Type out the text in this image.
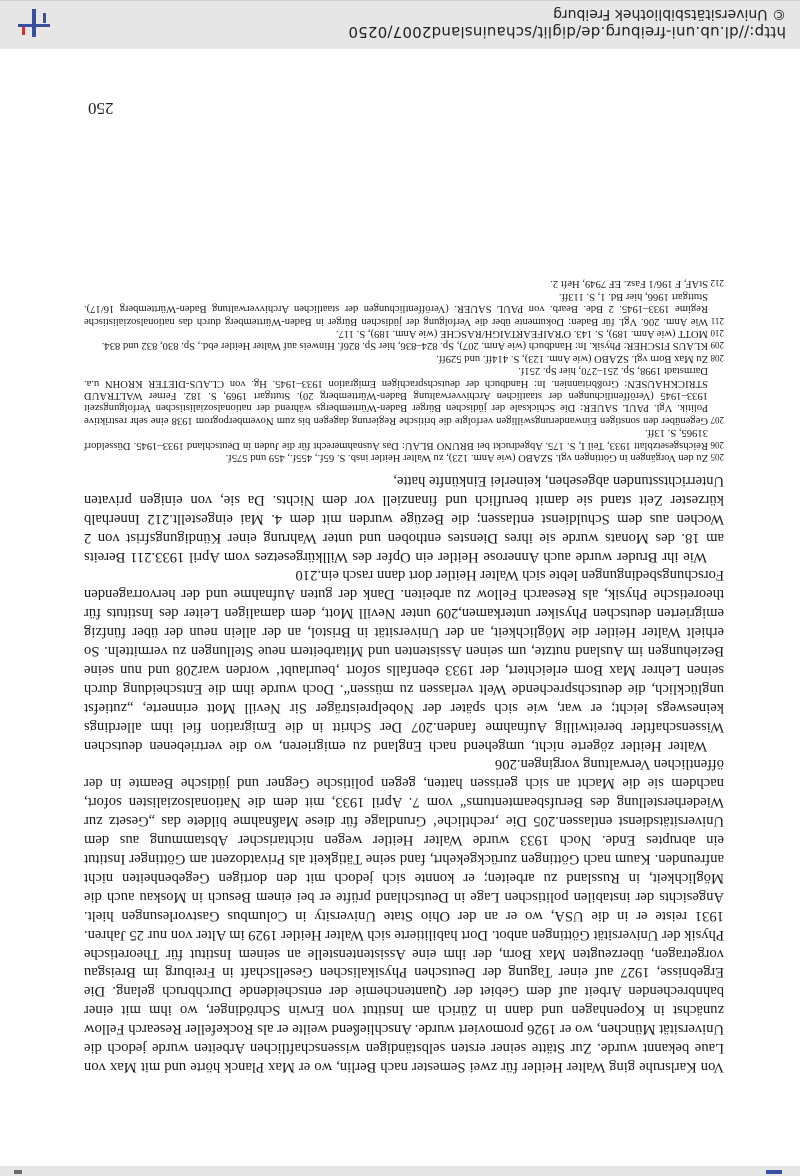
Von Karlsruhe ging Walter Heitler für zwei Semester nach Berlin, wo er Max Planck hörte und mit Max von Laue bekannt wurde. Zur Stätte seiner ersten selbständigen wissenschaftlichen Arbeiten wurde jedoch die Universität München, wo er 1926 promoviert wurde. Anschließend weilte er als Rockefeller Research Fellow zunächst in Kopenhagen und dann in Zürich am Institut von Erwin Schrödinger, wo ihm mit einer bahnbrechenden Arbeit auf dem Gebiet der Quantenchemie der entscheidende Durchbruch gelang. Die Ergebnisse, 1927 auf einer Tagung der Deutschen Physikalischen Gesellschaft in Freiburg im Breisgau vorgetragen, überzeugten Max Born, der ihm eine Assistentenstelle an seinem Institut für Theoretische Physik der Universität Göttingen anbot. Dort habilitierte sich Walter Heitler 1929 im Alter von nur 25 Jahren. 1931 reiste er in die USA, wo er an der Ohio State University in Columbus Gastvorlesungen hielt. Angesichts der instabilen politischen Lage in Deutschland prüfte er bei einem Besuch in Moskau auch die Möglichkeit, in Russland zu arbeiten; er konnte sich jedoch mit den dortigen Gegebenheiten nicht anfreunden. Kaum nach Göttingen zurückgekehrt, fand seine Tätigkeit als Privatdozent am Göttinger Institut ein abruptes Ende. Noch 1933 wurde Walter Heitler wegen nichtarischer Abstammung aus dem Universitätsdienst entlassen.205 Die ‚rechtliche‘ Grundlage für diese Maßnahme bildete das „Gesetz zur Wiederherstellung des Berufsbeamtentums“ vom 7. April 1933, mit dem die Nationalsozialisten sofort, nachdem sie die Macht an sich gerissen hatten, gegen politische Gegner und jüdische Beamte in der öffentlichen Verwaltung vorgingen.206

Walter Heitler zögerte nicht, umgehend nach England zu emigrieren, wo die vertriebenen deutschen Wissenschaftler bereitwillig Aufnahme fanden.207 Der Schritt in die Emigration fiel ihm allerdings keineswegs leicht; er war, wie sich später der Nobelpreisträger Sir Nevill Mott erinnerte, „zutiefst unglücklich, die deutschsprechende Welt verlassen zu müssen“. Doch wurde ihm die Entscheidung durch seinen Lehrer Max Born erleichtert, der 1933 ebenfalls sofort ‚beurlaubt‘ worden war208 und nun seine Beziehungen im Ausland nutzte, um seinen Assistenten und Mitarbeitern neue Stellungen zu vermitteln. So erhielt Walter Heitler die Möglichkeit, an der Universität in Bristol, an der allein neun der über fünfzig emigrierten deutschen Physiker unterkamen,209 unter Nevill Mott, dem damaligen Leiter des Instituts für theoretische Physik, als Research Fellow zu arbeiten. Dank der guten Aufnahme und der hervorragenden Forschungsbedingungen lebte sich Walter Heitler dort dann rasch ein.210

Wie ihr Bruder wurde auch Annerose Heitler ein Opfer des Willkürgesetzes vom April 1933.211 Bereits am 18. des Monats wurde sie ihres Dienstes enthoben und unter Wahrung einer Kündigungsfrist von 2 Wochen aus dem Schuldienst entlassen; die Bezüge wurden mit dem 4. Mai eingestellt.212 Innerhalb kürzester Zeit stand sie damit beruflich und finanziell vor dem Nichts. Da sie, von einigen privaten Unterrichtsstunden abgesehen, keinerlei Einkünfte hatte,

205Zu den Vorgängen in Göttingen vgl. SZABO (wie Anm. 123), zu Walter Heitler insb. S. 65f., 455f., 459 und 575f.

206Reichsgesetzblatt 1933, Teil I, S. 175. Abgedruckt bei BRUNO BLAU: Das Ausnahmerecht für die Juden in Deutschland 1933–1945. Düsseldorf 31965, S. 13ff.

207Gegenüber den sonstigen Einwanderungswilligen verfolgte die britische Regierung dagegen bis zum Novemberpogrom 1938 eine sehr restriktive Politik. Vgl. PAUL SAUER: Die Schicksale der jüdischen Bürger Baden-Württembergs während der nationalsozialistischen Verfolgungszeit 1933–1945 (Veröffentlichungen der staatlichen Archivverwaltung Baden-Württemberg 20). Stuttgart 1969, S. 182. Ferner WALTRAUD STRICKHAUSEN: Großbritannien. In: Handbuch der deutschsprachigen Emigration 1933–1945. Hg. von CLAUS-DIETER KROHN u.a. Darmstadt 1998, Sp. 251–270, hier Sp. 251f.

208Zu Max Born vgl. SZABO (wie Anm. 123), S. 414ff. und 529ff.

209KLAUS FISCHER: Physik. In: Handbuch (wie Anm. 207), Sp. 824–836, hier Sp. 826f. Hinweis auf Walter Heitler ebd., Sp. 830, 832 und 834.

210MOTT (wie Anm. 189), S. 143. O'RAIFEARTAIGH/RASCHE (wie Anm. 189), S. 117.

211Wie Anm. 206. Vgl. für Baden: Dokumente über die Verfolgung der jüdischen Bürger in Baden-Württemberg durch das nationalsozialistische Regime 1933–1945. 2 Bde. Bearb. von PAUL SAUER. (Veröffentlichungen der staatlichen Archivverwaltung Baden-Württemberg 16/17). Stuttgart 1966, hier Bd. 1, S. 113ff.

212StAF, F 196/1 Fasz. EF 7949, Heft 2.

250
http://dl.ub.uni-freiburg.de/diglit/schauinsland2007/0250
© Universitätsbibliothek Freiburg
